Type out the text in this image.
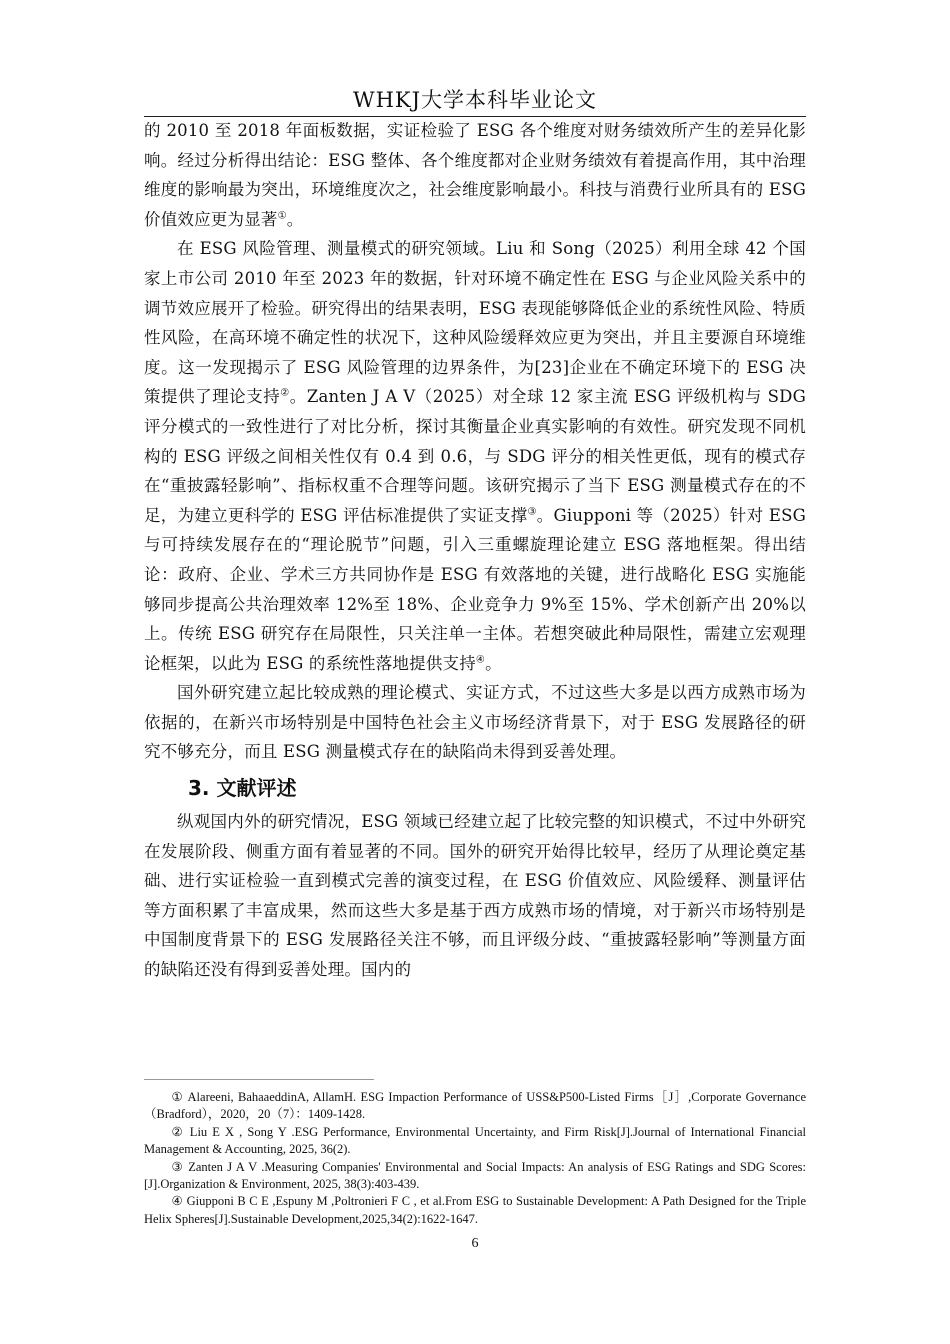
WHKJ大学本科毕业论文

的 2010 至 2018 年面板数据，实证检验了 ESG 各个维度对财务绩效所产生的差异化影响。经过分析得出结论：ESG 整体、各个维度都对企业财务绩效有着提高作用，其中治理维度的影响最为突出，环境维度次之，社会维度影响最小。科技与消费行业所具有的 ESG 价值效应更为显著①。

在 ESG 风险管理、测量模式的研究领域。Liu 和 Song（2025）利用全球 42 个国家上市公司 2010 年至 2023 年的数据，针对环境不确定性在 ESG 与企业风险关系中的调节效应展开了检验。研究得出的结果表明，ESG 表现能够降低企业的系统性风险、特质性风险，在高环境不确定性的状况下，这种风险缓释效应更为突出，并且主要源自环境维度。这一发现揭示了 ESG 风险管理的边界条件，为[23]企业在不确定环境下的 ESG 决策提供了理论支持②。Zanten J A V（2025）对全球 12 家主流 ESG 评级机构与 SDG 评分模式的一致性进行了对比分析，探讨其衡量企业真实影响的有效性。研究发现不同机构的 ESG 评级之间相关性仅有 0.4 到 0.6，与 SDG 评分的相关性更低，现有的模式存在“重披露轻影响”、指标权重不合理等问题。该研究揭示了当下 ESG 测量模式存在的不足，为建立更科学的 ESG 评估标准提供了实证支撑③。Giupponi 等（2025）针对 ESG 与可持续发展存在的“理论脱节”问题，引入三重螺旋理论建立 ESG 落地框架。得出结论：政府、企业、学术三方共同协作是 ESG 有效落地的关键，进行战略化 ESG 实施能够同步提高公共治理效率 12%至 18%、企业竞争力 9%至 15%、学术创新产出 20%以上。传统 ESG 研究存在局限性，只关注单一主体。若想突破此种局限性，需建立宏观理论框架，以此为 ESG 的系统性落地提供支持④。

国外研究建立起比较成熟的理论模式、实证方式，不过这些大多是以西方成熟市场为依据的，在新兴市场特别是中国特色社会主义市场经济背景下，对于 ESG 发展路径的研究不够充分，而且 ESG 测量模式存在的缺陷尚未得到妥善处理。

3. 文献评述

纵观国内外的研究情况，ESG 领域已经建立起了比较完整的知识模式，不过中外研究在发展阶段、侧重方面有着显著的不同。国外的研究开始得比较早，经历了从理论奠定基础、进行实证检验一直到模式完善的演变过程，在 ESG 价值效应、风险缓释、测量评估等方面积累了丰富成果，然而这些大多是基于西方成熟市场的情境，对于新兴市场特别是中国制度背景下的 ESG 发展路径关注不够，而且评级分歧、“重披露轻影响”等测量方面的缺陷还没有得到妥善处理。国内的

① Alareeni, BahaaeddinA, AllamH. ESG Impaction Performance of USS&P500-Listed Firms［J］,Corporate Governance（Bradford），2020，20（7）：1409-1428.

② Liu E X , Song Y .ESG Performance, Environmental Uncertainty, and Firm Risk[J].Journal of International Financial Management & Accounting, 2025, 36(2).

③ Zanten J A V .Measuring Companies' Environmental and Social Impacts: An analysis of ESG Ratings and SDG Scores:[J].Organization & Environment, 2025, 38(3):403-439.

④ Giupponi B C E ,Espuny M ,Poltronieri F C , et al.From ESG to Sustainable Development: A Path Designed for the Triple Helix Spheres[J].Sustainable Development,2025,34(2):1622-1647.

6
